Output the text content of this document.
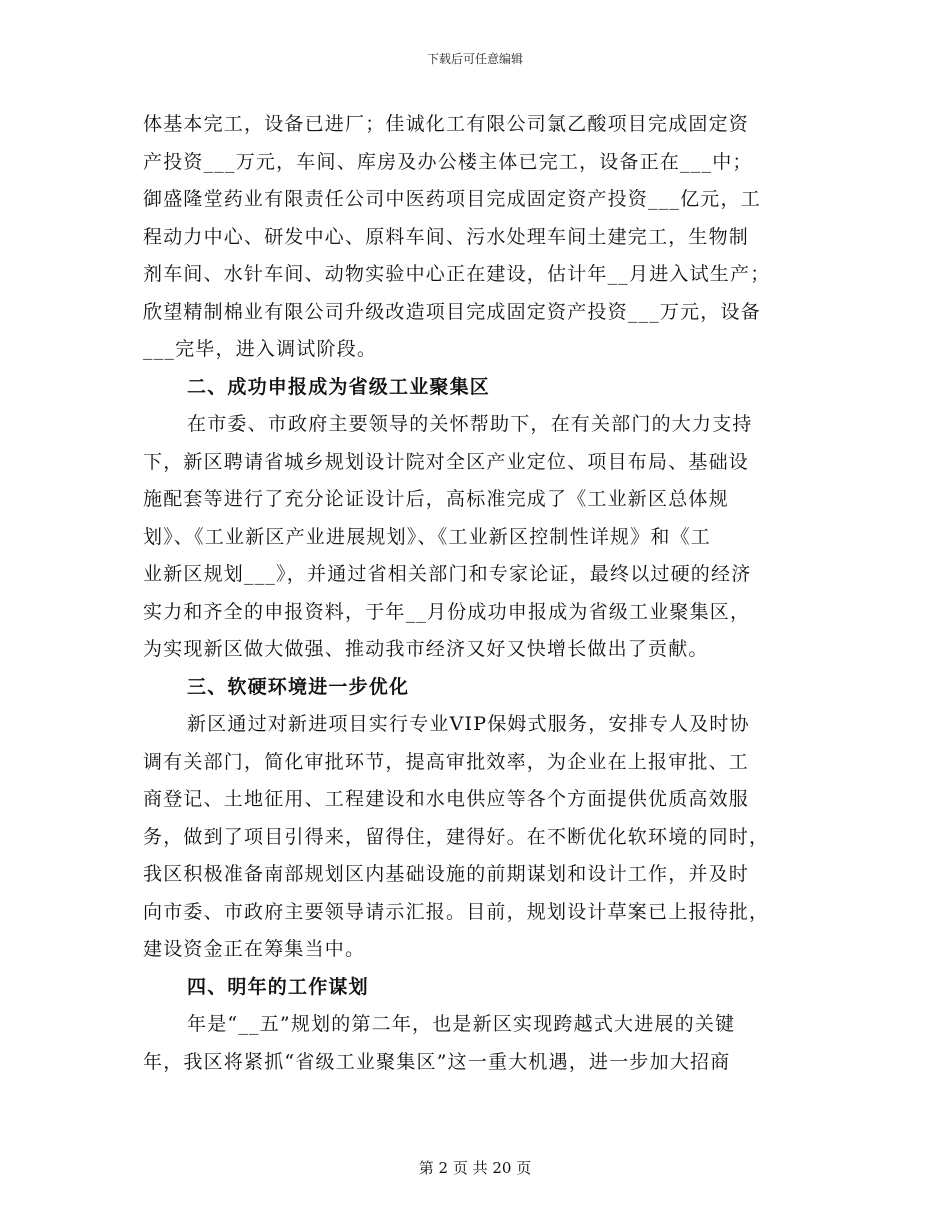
下载后可任意编辑
体基本完工，设备已进厂；佳诚化工有限公司氯乙酸项目完成固定资
产投资___万元，车间、库房及办公楼主体已完工，设备正在___中；
御盛隆堂药业有限责任公司中医药项目完成固定资产投资___亿元，工
程动力中心、研发中心、原料车间、污水处理车间土建完工，生物制
剂车间、水针车间、动物实验中心正在建设，估计年__月进入试生产；
欣望精制棉业有限公司升级改造项目完成固定资产投资___万元，设备
___完毕，进入调试阶段。
二、成功申报成为省级工业聚集区
在市委、市政府主要领导的关怀帮助下，在有关部门的大力支持
下，新区聘请省城乡规划设计院对全区产业定位、项目布局、基础设
施配套等进行了充分论证设计后，高标准完成了《工业新区总体规
划》、《工业新区产业进展规划》、《工业新区控制性详规》和《工
业新区规划___》，并通过省相关部门和专家论证，最终以过硬的经济
实力和齐全的申报资料，于年__月份成功申报成为省级工业聚集区，
为实现新区做大做强、推动我市经济又好又快增长做出了贡献。
三、软硬环境进一步优化
新区通过对新进项目实行专业VIP保姆式服务，安排专人及时协
调有关部门，简化审批环节，提高审批效率，为企业在上报审批、工
商登记、土地征用、工程建设和水电供应等各个方面提供优质高效服
务，做到了项目引得来，留得住，建得好。在不断优化软环境的同时，
我区积极准备南部规划区内基础设施的前期谋划和设计工作，并及时
向市委、市政府主要领导请示汇报。目前，规划设计草案已上报待批，
建设资金正在筹集当中。
四、明年的工作谋划
年是“__五”规划的第二年，也是新区实现跨越式大进展的关键
年，我区将紧抓“省级工业聚集区”这一重大机遇，进一步加大招商
第 2 页 共 20 页
